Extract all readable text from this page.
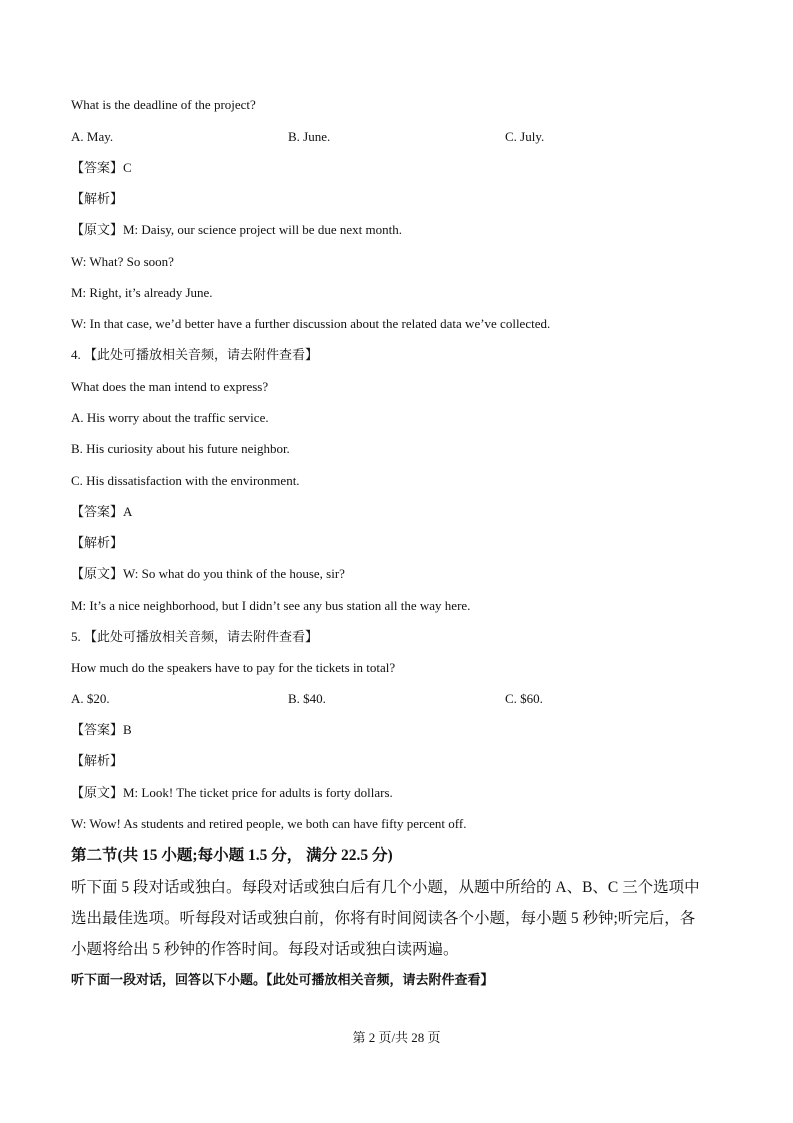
What is the deadline of the project?
A. May.	B. June.	C. July.
【答案】C
【解析】
【原文】M: Daisy, our science project will be due next month.
W: What? So soon?
M: Right, it’s already June.
W: In that case, we’d better have a further discussion about the related data we’ve collected.
4. 【此处可播放相关音频，请去附件查看】
What does the man intend to express?
A. His worry about the traffic service.
B. His curiosity about his future neighbor.
C. His dissatisfaction with the environment.
【答案】A
【解析】
【原文】W: So what do you think of the house, sir?
M: It’s a nice neighborhood, but I didn’t see any bus station all the way here.
5. 【此处可播放相关音频，请去附件查看】
How much do the speakers have to pay for the tickets in total?
A. $20.	B. $40.	C. $60.
【答案】B
【解析】
【原文】M: Look! The ticket price for adults is forty dollars.
W: Wow! As students and retired people, we both can have fifty percent off.
第二节(共 15 小题;每小题 1.5 分， 满分 22.5 分)
听下面 5 段对话或独白。每段对话或独白后有几个小题，从题中所给的 A、B、C 三个选项中
选出最佳选项。听每段对话或独白前，你将有时间阅读各个小题，每小题 5 秒钟;听完后，各
小题将给出 5 秒钟的作答时间。每段对话或独白读两遍。
听下面一段对话，回答以下小题。【此处可播放相关音频，请去附件查看】
第 2 页/共 28 页
